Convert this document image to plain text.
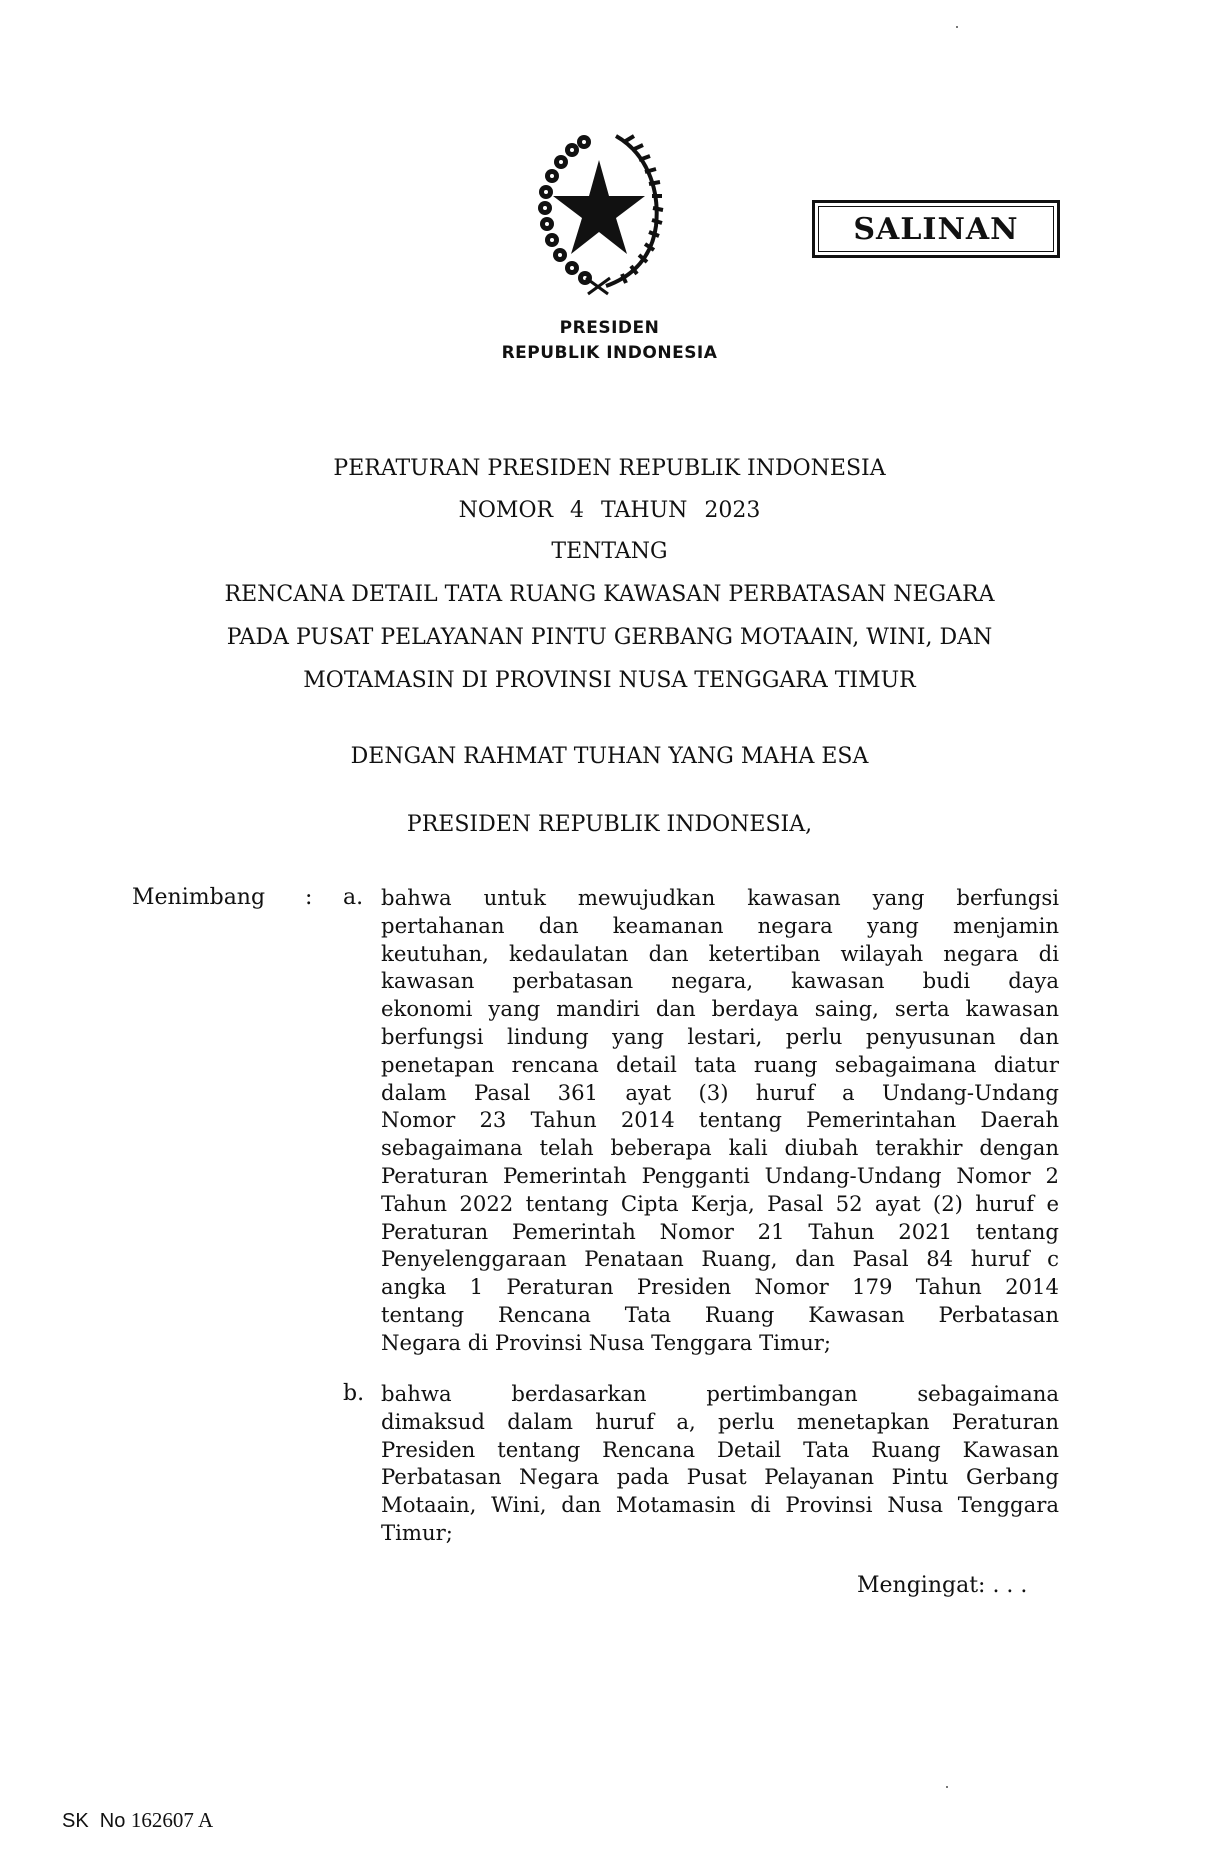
SALINAN
PRESIDEN
REPUBLIK INDONESIA
PERATURAN PRESIDEN REPUBLIK INDONESIA
NOMOR 4 TAHUN 2023
TENTANG
RENCANA DETAIL TATA RUANG KAWASAN PERBATASAN NEGARA
PADA PUSAT PELAYANAN PINTU GERBANG MOTAAIN, WINI, DAN
MOTAMASIN DI PROVINSI NUSA TENGGARA TIMUR
DENGAN RAHMAT TUHAN YANG MAHA ESA
PRESIDEN REPUBLIK INDONESIA,
Menimbang : a. bahwa untuk mewujudkan kawasan yang berfungsi
pertahanan dan keamanan negara yang menjamin
keutuhan, kedaulatan dan ketertiban wilayah negara di
kawasan perbatasan negara, kawasan budi daya
ekonomi yang mandiri dan berdaya saing, serta kawasan
berfungsi lindung yang lestari, perlu penyusunan dan
penetapan rencana detail tata ruang sebagaimana diatur
dalam Pasal 361 ayat (3) huruf a Undang-Undang
Nomor 23 Tahun 2014 tentang Pemerintahan Daerah
sebagaimana telah beberapa kali diubah terakhir dengan
Peraturan Pemerintah Pengganti Undang-Undang Nomor 2
Tahun 2022 tentang Cipta Kerja, Pasal 52 ayat (2) huruf e
Peraturan Pemerintah Nomor 21 Tahun 2021 tentang
Penyelenggaraan Penataan Ruang, dan Pasal 84 huruf c
angka 1 Peraturan Presiden Nomor 179 Tahun 2014
tentang Rencana Tata Ruang Kawasan Perbatasan
Negara di Provinsi Nusa Tenggara Timur;
b. bahwa berdasarkan pertimbangan sebagaimana
dimaksud dalam huruf a, perlu menetapkan Peraturan
Presiden tentang Rencana Detail Tata Ruang Kawasan
Perbatasan Negara pada Pusat Pelayanan Pintu Gerbang
Motaain, Wini, dan Motamasin di Provinsi Nusa Tenggara
Timur;
Mengingat: . . .
SK  No 162607 A
